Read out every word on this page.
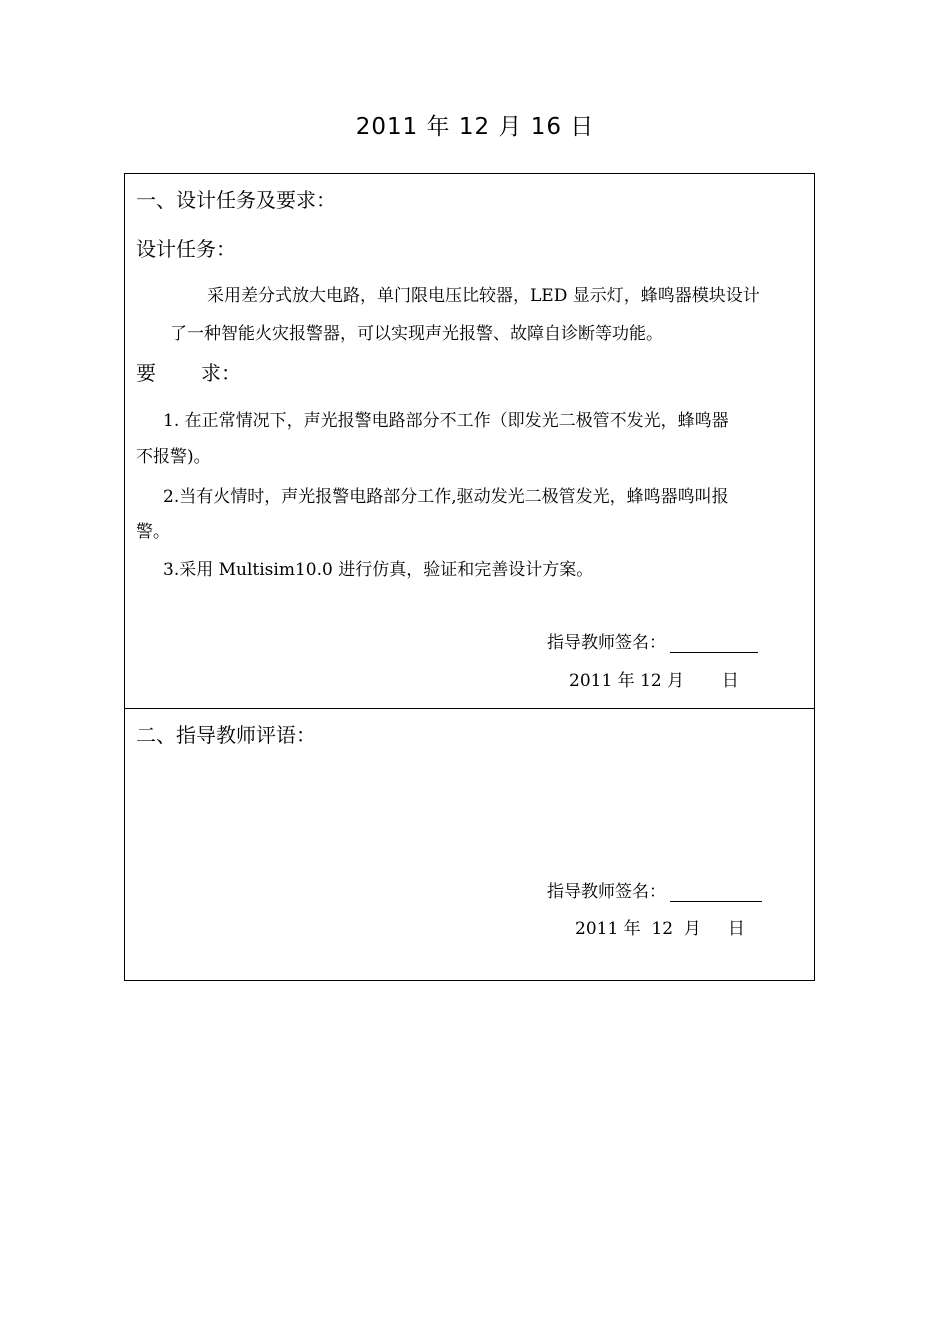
2011 年 12 月 16 日
一、设计任务及要求：
设计任务：
采用差分式放大电路，单门限电压比较器，LED 显示灯，蜂鸣器模块设计
了一种智能火灾报警器，可以实现声光报警、故障自诊断等功能。
要 求：
1. 在正常情况下，声光报警电路部分不工作（即发光二极管不发光，蜂鸣器
不报警)。
2.当有火情时，声光报警电路部分工作,驱动发光二极管发光，蜂鸣器鸣叫报
警。
3.采用 Multisim10.0 进行仿真，验证和完善设计方案。
指导教师签名：
2011 年 12 月       日
二、指导教师评语：
指导教师签名：
2011 年  12  月     日
